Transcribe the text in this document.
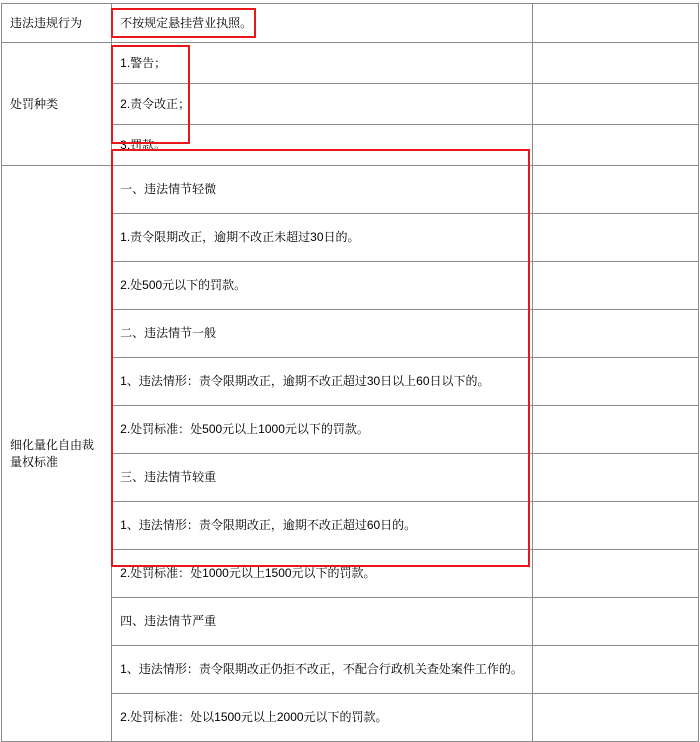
违法违规行为	不按规定悬挂营业执照。	
处罚种类	1.警告；	
	2.责令改正；	
	3.罚款。	
细化量化自由裁量权标准	一、违法情节轻微	
	1.责令限期改正，逾期不改正未超过30日的。	
	2.处500元以下的罚款。	
	二、违法情节一般	
	1、违法情形：责令限期改正，逾期不改正超过30日以上60日以下的。	
	2.处罚标准：处500元以上1000元以下的罚款。	
	三、违法情节较重	
	1、违法情形：责令限期改正，逾期不改正超过60日的。	
	2.处罚标准：处1000元以上1500元以下的罚款。	
	四、违法情节严重	
	1、违法情形：责令限期改正仍拒不改正，不配合行政机关查处案件工作的。	
	2.处罚标准：处以1500元以上2000元以下的罚款。	
